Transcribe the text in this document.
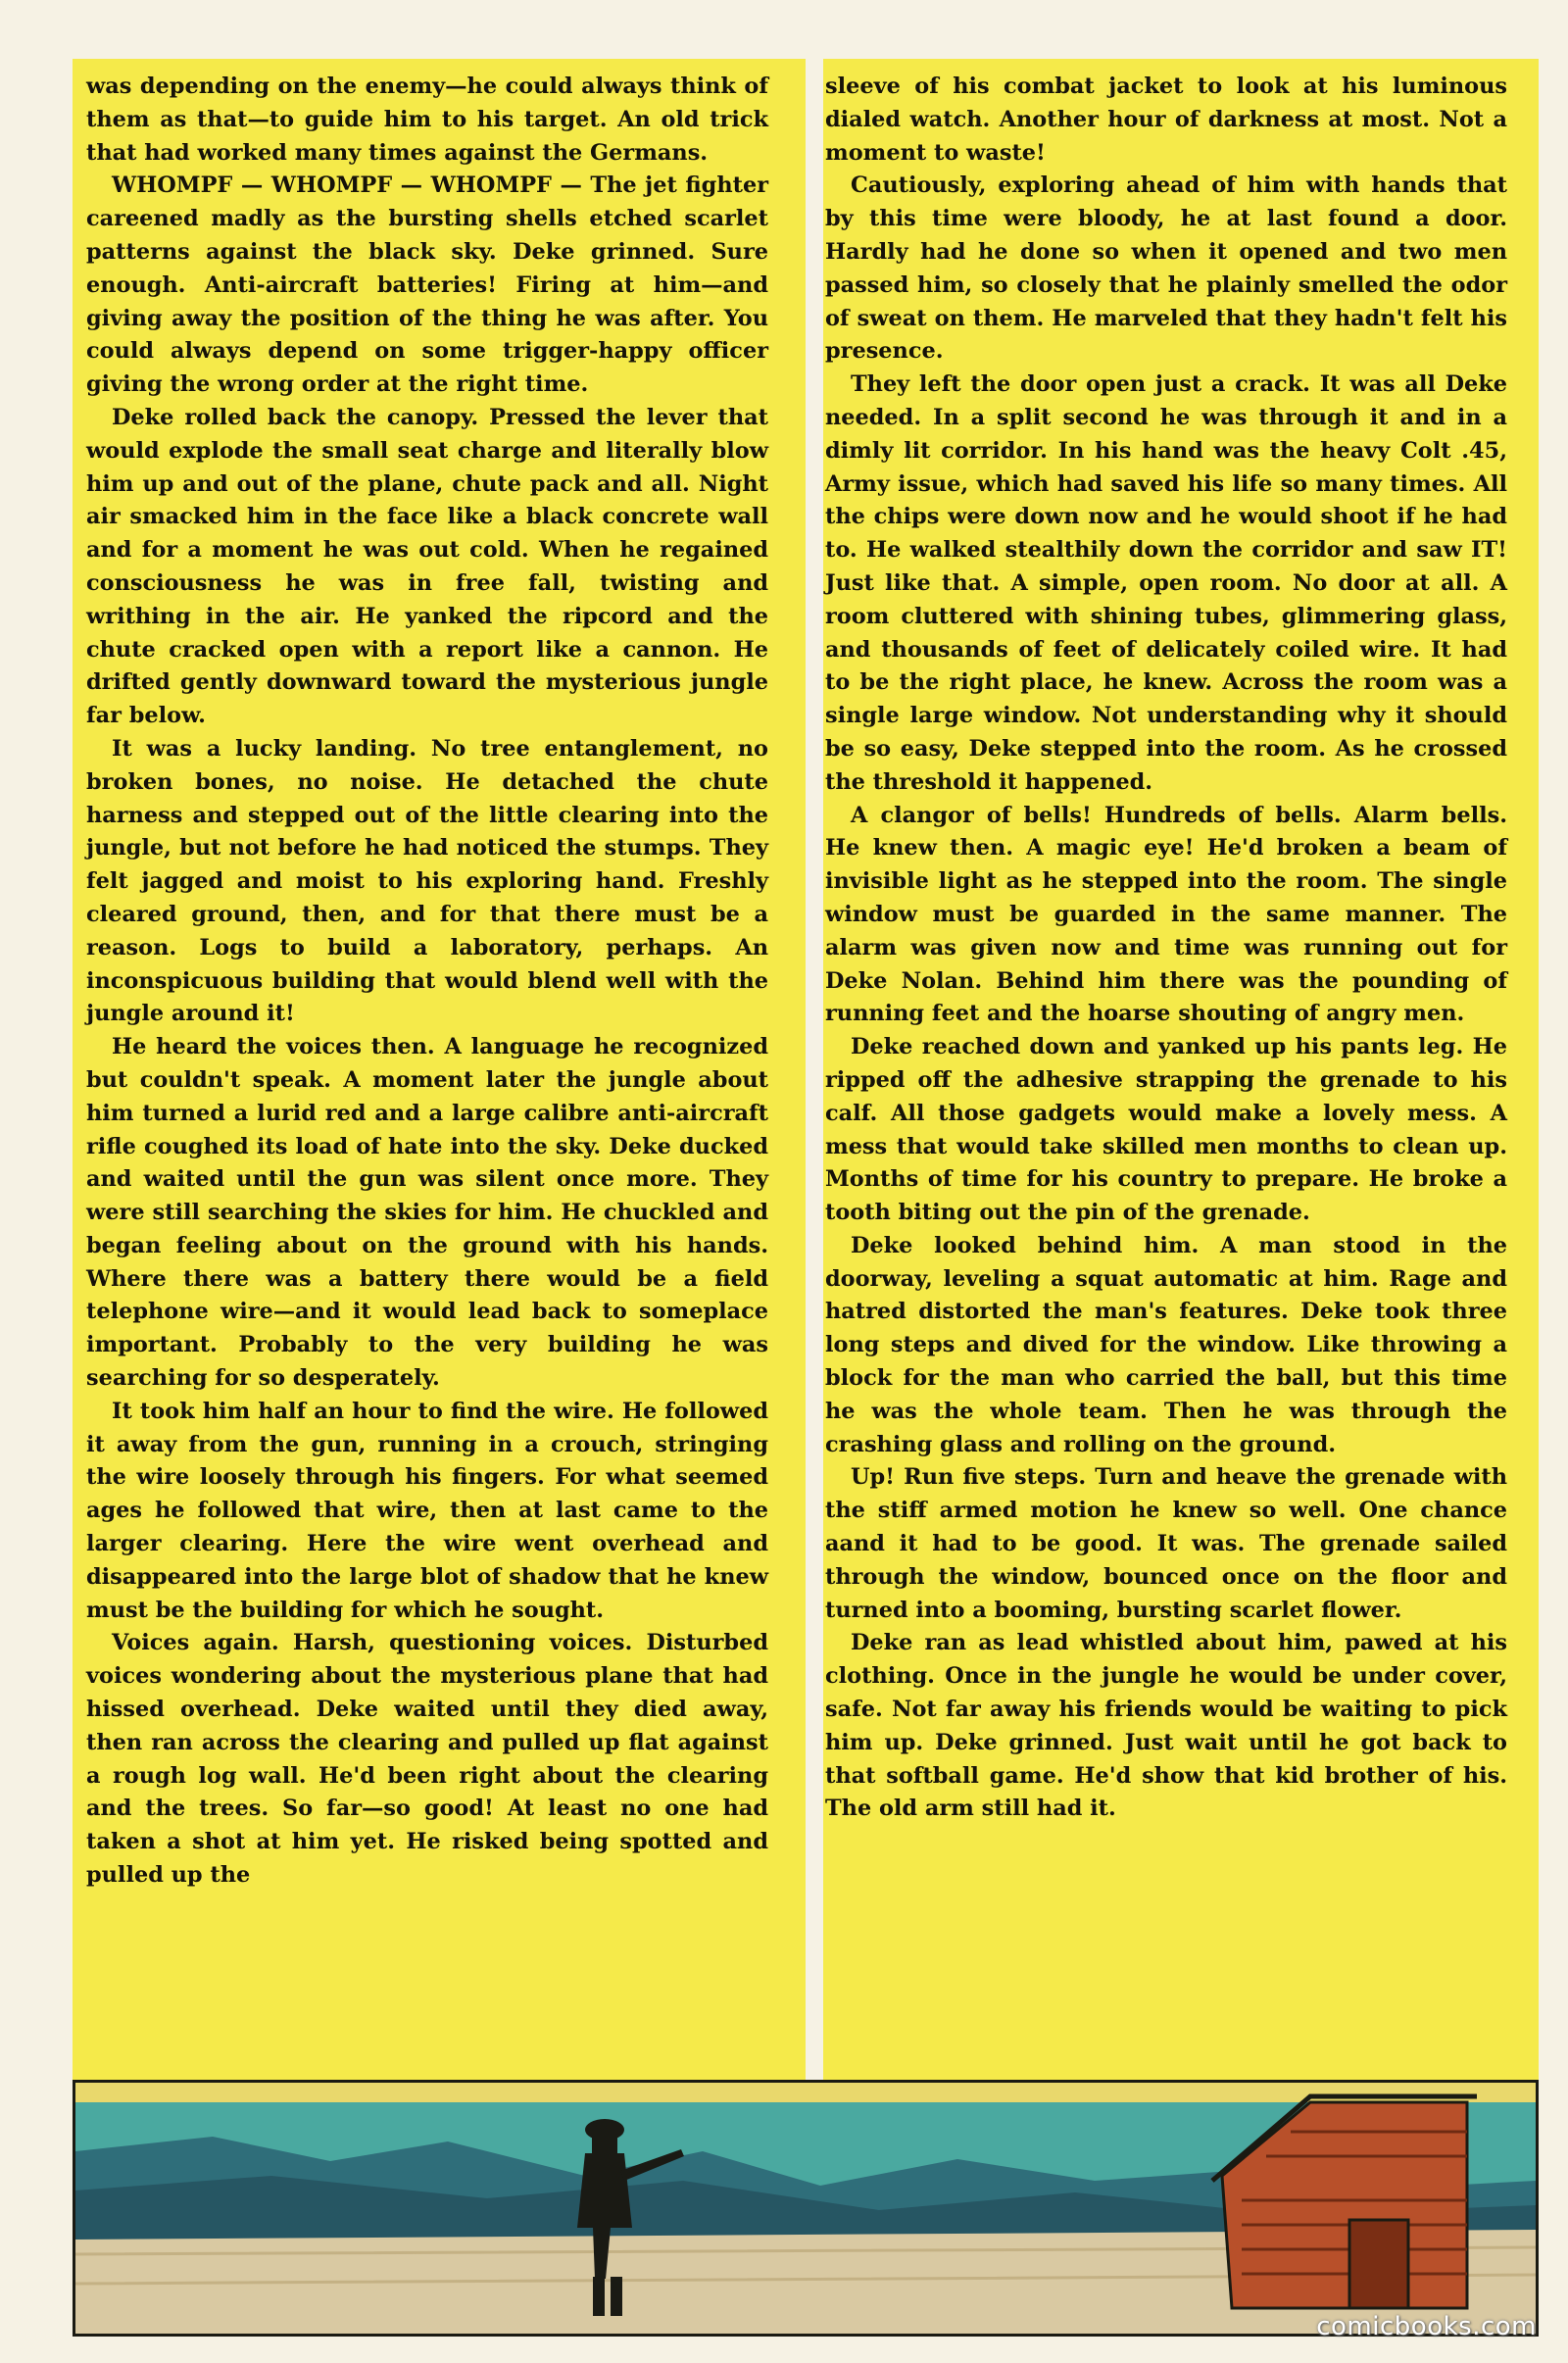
was depending on the enemy—he could always think of them as that—to guide him to his target. An old trick that had worked many times against the Germans.

WHOMPF — WHOMPF — WHOMPF — The jet fighter careened madly as the bursting shells etched scarlet patterns against the black sky. Deke grinned. Sure enough. Anti-aircraft batteries! Firing at him—and giving away the position of the thing he was after. You could always depend on some trigger-happy officer giving the wrong order at the right time.

Deke rolled back the canopy. Pressed the lever that would explode the small seat charge and literally blow him up and out of the plane, chute pack and all. Night air smacked him in the face like a black concrete wall and for a moment he was out cold. When he regained consciousness he was in free fall, twisting and writhing in the air. He yanked the ripcord and the chute cracked open with a report like a cannon. He drifted gently downward toward the mysterious jungle far below.

It was a lucky landing. No tree entanglement, no broken bones, no noise. He detached the chute harness and stepped out of the little clearing into the jungle, but not before he had noticed the stumps. They felt jagged and moist to his exploring hand. Freshly cleared ground, then, and for that there must be a reason. Logs to build a laboratory, perhaps. An inconspicuous building that would blend well with the jungle around it!

He heard the voices then. A language he recognized but couldn't speak. A moment later the jungle about him turned a lurid red and a large calibre anti-aircraft rifle coughed its load of hate into the sky. Deke ducked and waited until the gun was silent once more. They were still searching the skies for him. He chuckled and began feeling about on the ground with his hands. Where there was a battery there would be a field telephone wire—and it would lead back to someplace important. Probably to the very building he was searching for so desperately.

It took him half an hour to find the wire. He followed it away from the gun, running in a crouch, stringing the wire loosely through his fingers. For what seemed ages he followed that wire, then at last came to the larger clearing. Here the wire went overhead and disappeared into the large blot of shadow that he knew must be the building for which he sought.

Voices again. Harsh, questioning voices. Disturbed voices wondering about the mysterious plane that had hissed overhead. Deke waited until they died away, then ran across the clearing and pulled up flat against a rough log wall. He'd been right about the clearing and the trees. So far—so good! At least no one had taken a shot at him yet. He risked being spotted and pulled up the

sleeve of his combat jacket to look at his luminous dialed watch. Another hour of darkness at most. Not a moment to waste!

Cautiously, exploring ahead of him with hands that by this time were bloody, he at last found a door. Hardly had he done so when it opened and two men passed him, so closely that he plainly smelled the odor of sweat on them. He marveled that they hadn't felt his presence.

They left the door open just a crack. It was all Deke needed. In a split second he was through it and in a dimly lit corridor. In his hand was the heavy Colt .45, Army issue, which had saved his life so many times. All the chips were down now and he would shoot if he had to. He walked stealthily down the corridor and saw IT! Just like that. A simple, open room. No door at all. A room cluttered with shining tubes, glimmering glass, and thousands of feet of delicately coiled wire. It had to be the right place, he knew. Across the room was a single large window. Not understanding why it should be so easy, Deke stepped into the room. As he crossed the threshold it happened.

A clangor of bells! Hundreds of bells. Alarm bells. He knew then. A magic eye! He'd broken a beam of invisible light as he stepped into the room. The single window must be guarded in the same manner. The alarm was given now and time was running out for Deke Nolan. Behind him there was the pounding of running feet and the hoarse shouting of angry men.

Deke reached down and yanked up his pants leg. He ripped off the adhesive strapping the grenade to his calf. All those gadgets would make a lovely mess. A mess that would take skilled men months to clean up. Months of time for his country to prepare. He broke a tooth biting out the pin of the grenade.

Deke looked behind him. A man stood in the doorway, leveling a squat automatic at him. Rage and hatred distorted the man's features. Deke took three long steps and dived for the window. Like throwing a block for the man who carried the ball, but this time he was the whole team. Then he was through the crashing glass and rolling on the ground.

Up! Run five steps. Turn and heave the grenade with the stiff armed motion he knew so well. One chance aand it had to be good. It was. The grenade sailed through the window, bounced once on the floor and turned into a booming, bursting scarlet flower.

Deke ran as lead whistled about him, pawed at his clothing. Once in the jungle he would be under cover, safe. Not far away his friends would be waiting to pick him up. Deke grinned. Just wait until he got back to that softball game. He'd show that kid brother of his. The old arm still had it.

comicbooks.com
